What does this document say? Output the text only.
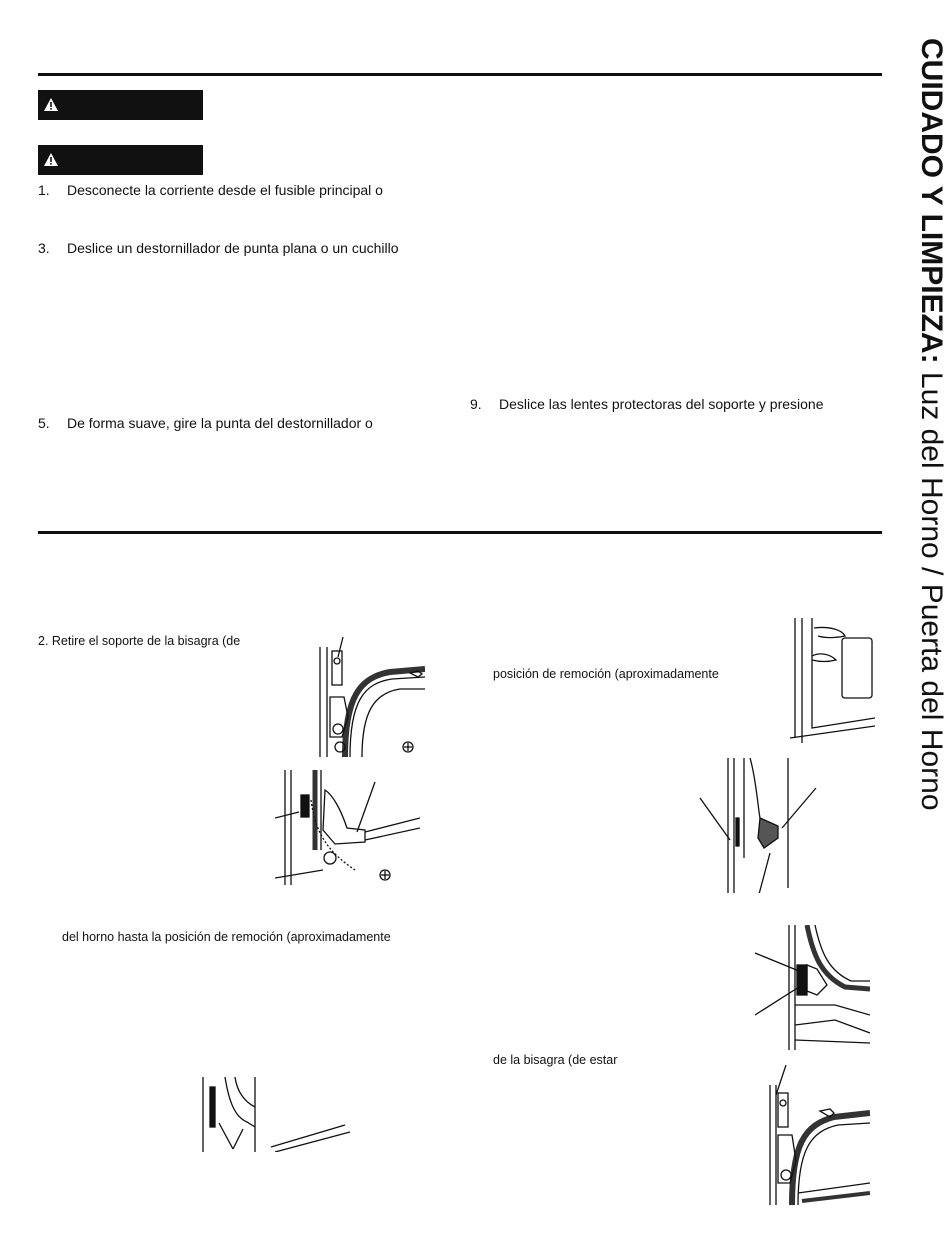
1. Desconecte la corriente desde el fusible principal o
3. Deslice un destornillador de punta plana o un cuchillo
5. De forma suave, gire la punta del destornillador o
9. Deslice las lentes protectoras del soporte y presione
2. Retire el soporte de la bisagra (de
del horno hasta la posición de remoción (aproximadamente
posición de remoción (aproximadamente
de la bisagra (de estar
CUIDADO Y LIMPIEZA: Luz del Horno / Puerta del Horno
